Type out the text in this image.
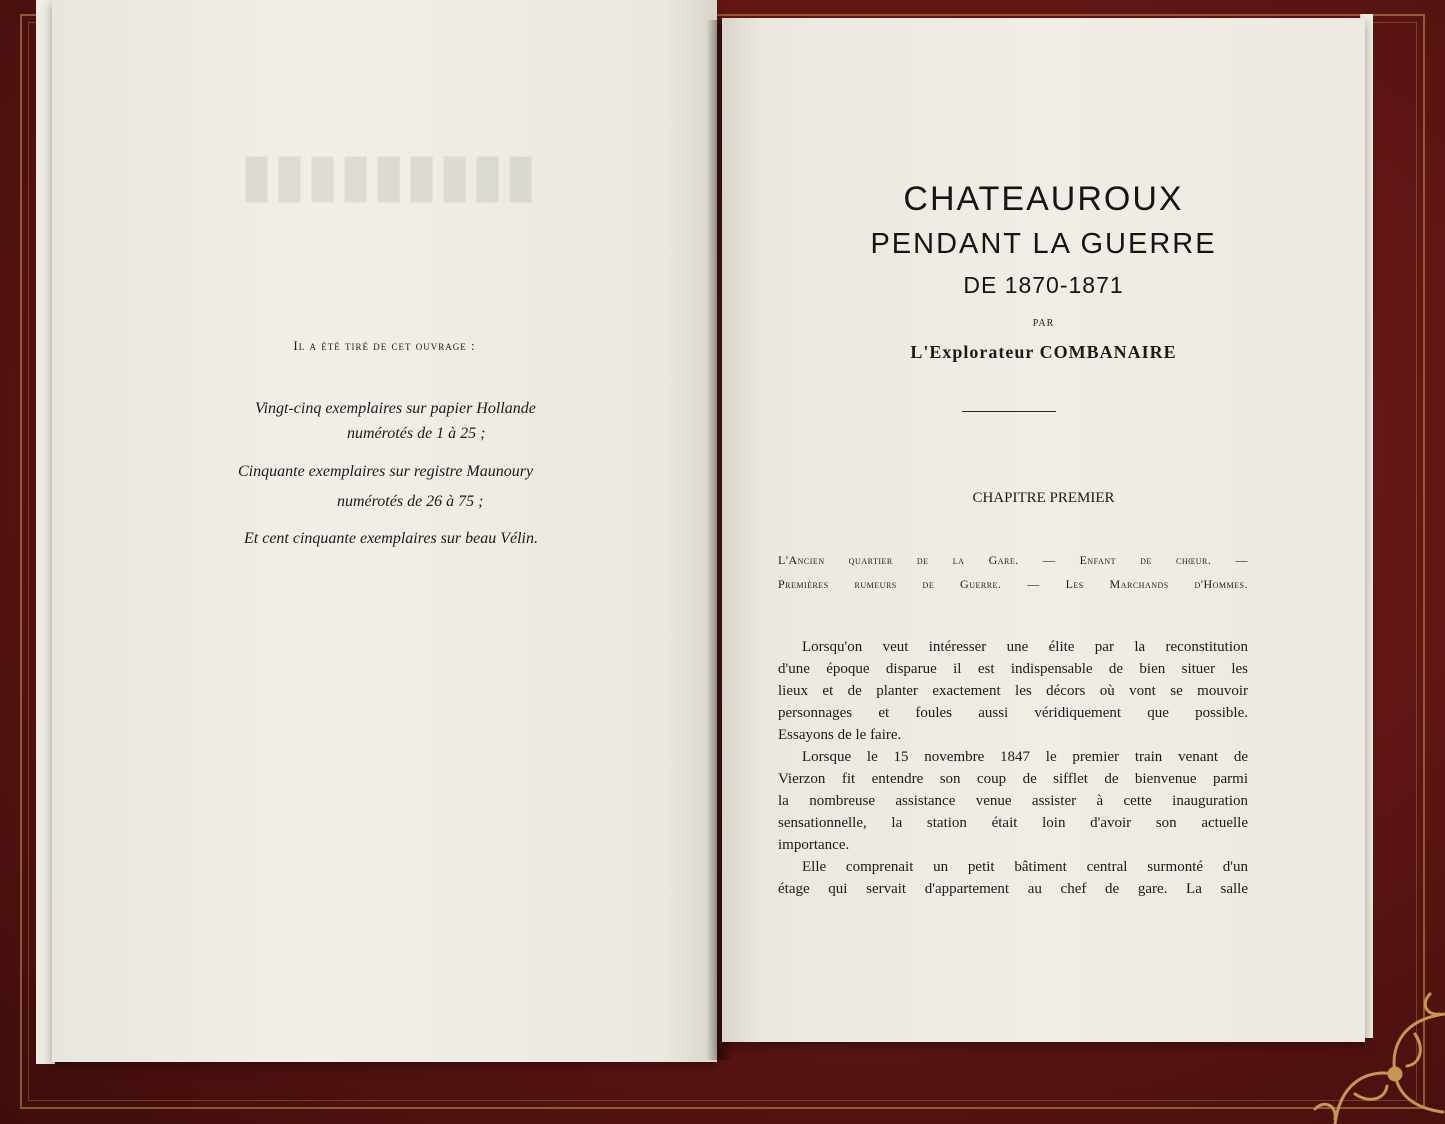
▮▮▮▮▮▮▮▮▮
Il a été tiré de cet ouvrage :
Vingt-cinq exemplaires sur papier Hollande
numérotés de 1 à 25 ;
Cinquante exemplaires sur registre Maunoury
numérotés de 26 à 75 ;
Et cent cinquante exemplaires sur beau Vélin.
CHATEAUROUX
PENDANT LA GUERRE
DE 1870-1871
PAR
L'Explorateur COMBANAIRE
CHAPITRE PREMIER
L'Ancien quartier de la Gare. — Enfant de chœur. —
Premières rumeurs de Guerre. — Les Marchands d'Hommes.
Lorsqu'on veut intéresser une élite par la reconstitution
d'une époque disparue il est indispensable de bien situer les
lieux et de planter exactement les décors où vont se mouvoir
personnages et foules aussi véridiquement que possible.
Essayons de le faire.
Lorsque le 15 novembre 1847 le premier train venant de
Vierzon fit entendre son coup de sifflet de bienvenue parmi
la nombreuse assistance venue assister à cette inauguration
sensationnelle, la station était loin d'avoir son actuelle
importance.
Elle comprenait un petit bâtiment central surmonté d'un
étage qui servait d'appartement au chef de gare. La salle
